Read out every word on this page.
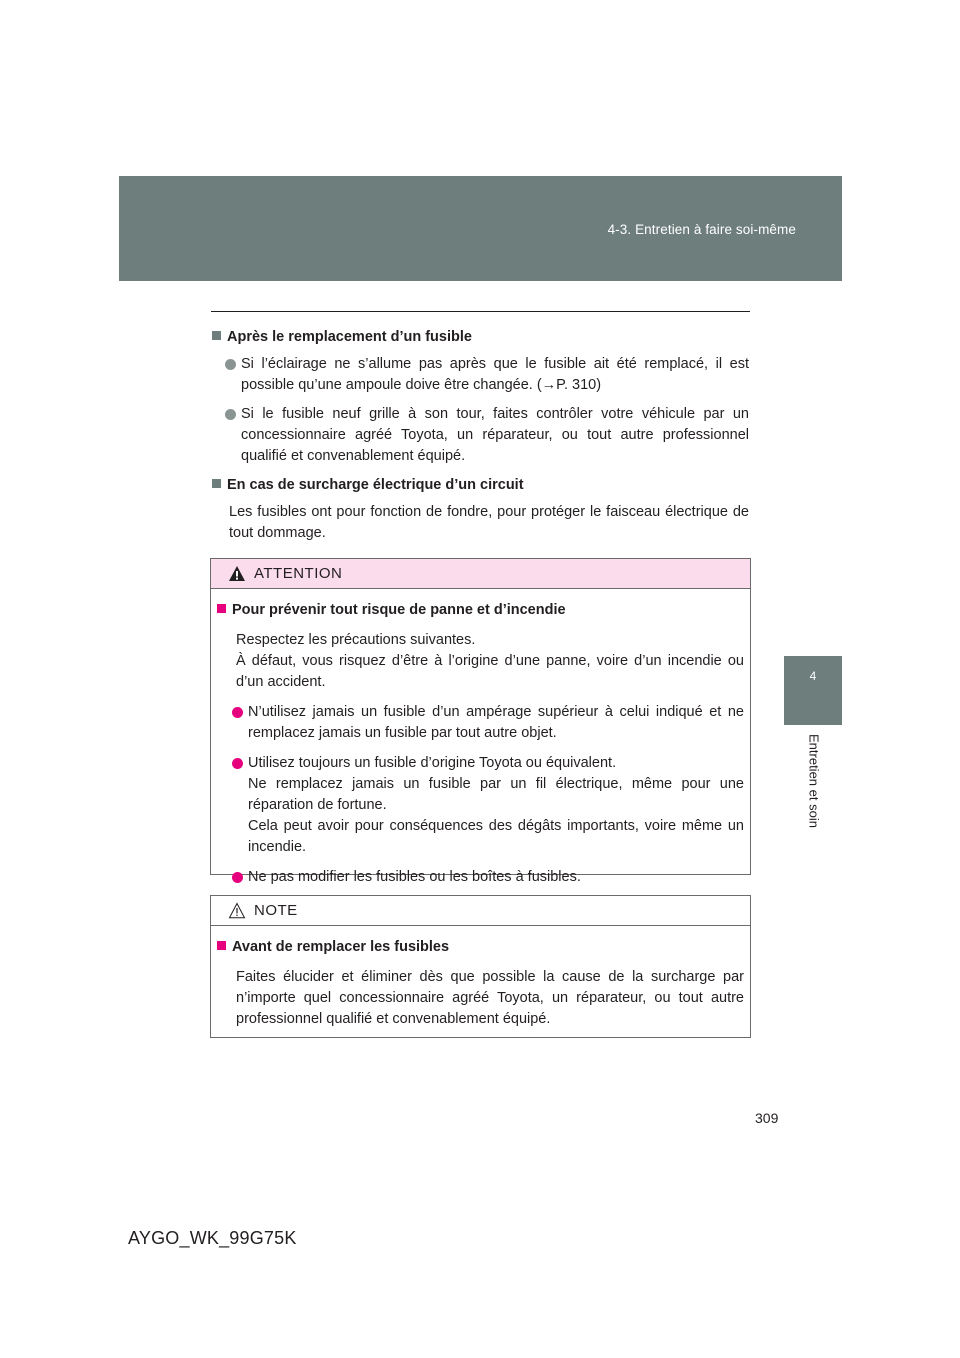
4-3. Entretien à faire soi-même
4
Entretien et soin
Après le remplacement d’un fusible
Si l’éclairage ne s’allume pas après que le fusible ait été remplacé, il est possible qu’une ampoule doive être changée. (→P. 310)
Si le fusible neuf grille à son tour, faites contrôler votre véhicule par un concessionnaire agréé Toyota, un réparateur, ou tout autre professionnel qualifié et convenablement équipé.
En cas de surcharge électrique d’un circuit
Les fusibles ont pour fonction de fondre, pour protéger le faisceau électrique de tout dommage.
ATTENTION
Pour prévenir tout risque de panne et d’incendie
Respectez les précautions suivantes.
À défaut, vous risquez d’être à l’origine d’une panne, voire d’un incendie ou d’un accident.
N’utilisez jamais un fusible d’un ampérage supérieur à celui indiqué et ne remplacez jamais un fusible par tout autre objet.
Utilisez toujours un fusible d’origine Toyota ou équivalent.
Ne remplacez jamais un fusible par un fil électrique, même pour une réparation de fortune.
Cela peut avoir pour conséquences des dégâts importants, voire même un incendie.
Ne pas modifier les fusibles ou les boîtes à fusibles.
NOTE
Avant de remplacer les fusibles
Faites élucider et éliminer dès que possible la cause de la surcharge par n’importe quel concessionnaire agréé Toyota, un réparateur, ou tout autre professionnel qualifié et convenablement équipé.
309
AYGO_WK_99G75K
